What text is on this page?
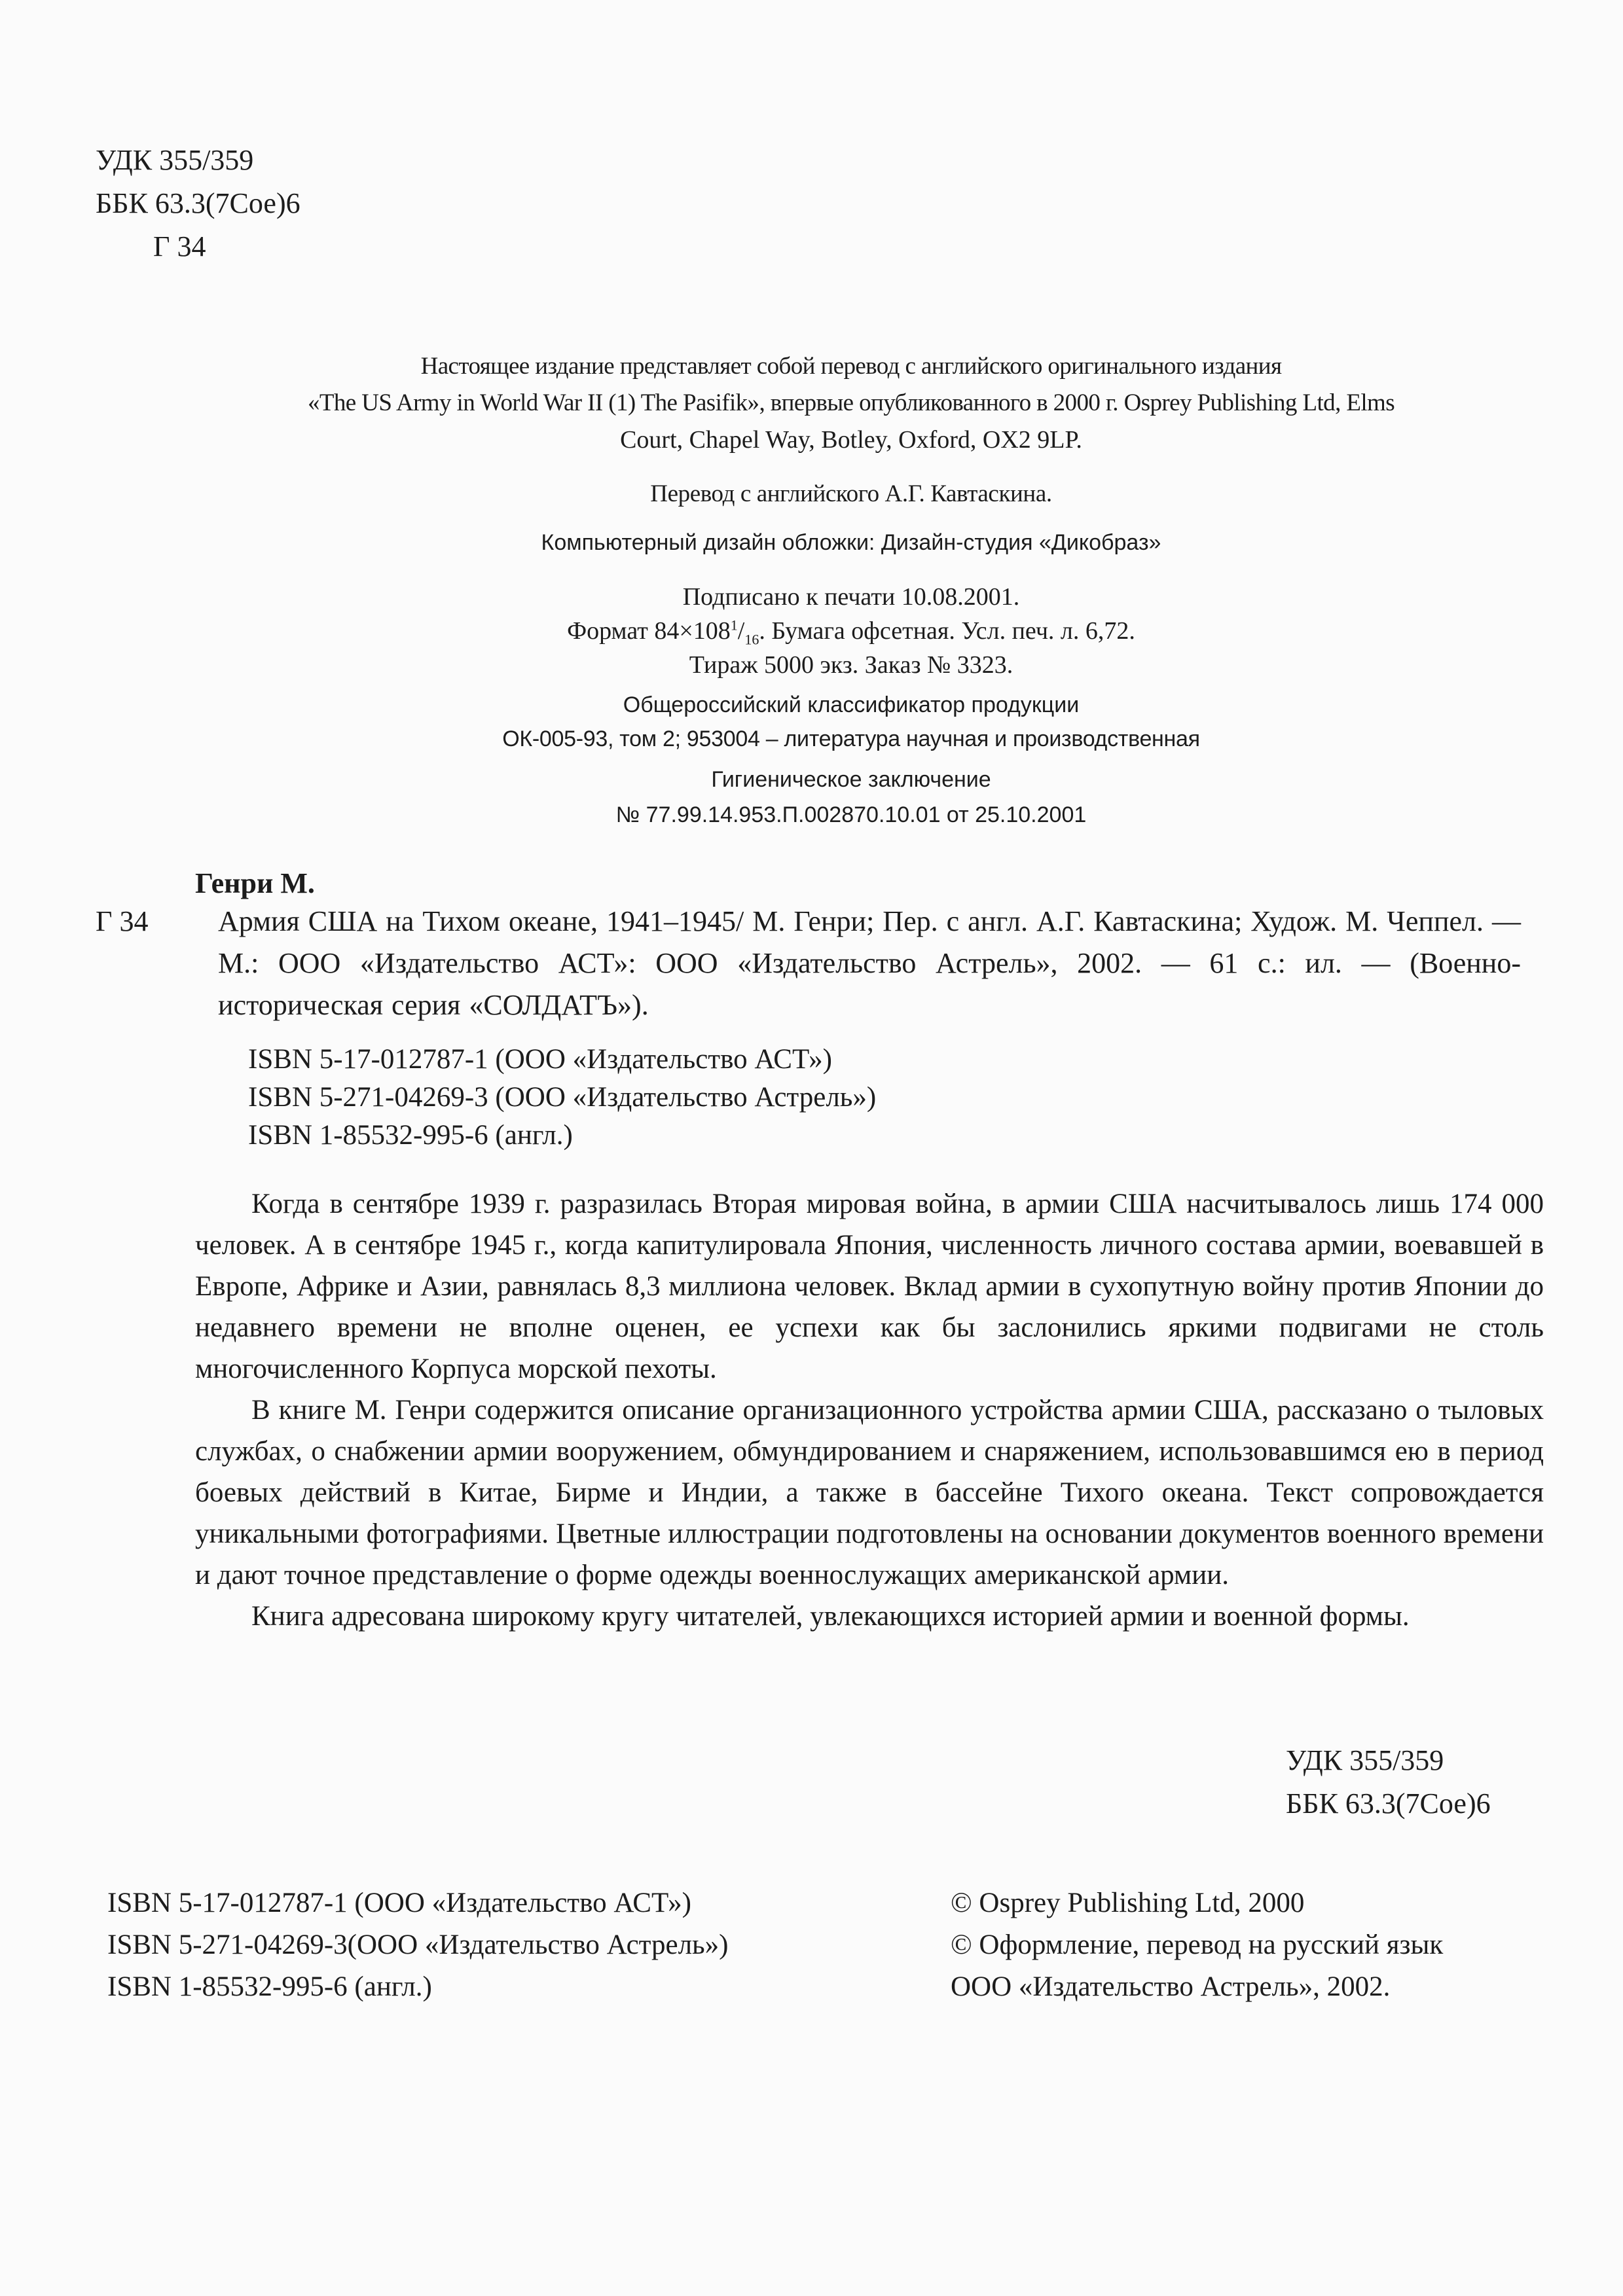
УДК 355/359
ББК 63.3(7Сое)6
Г 34
Настоящее издание представляет собой перевод с английского оригинального издания
«The US Army in World War II (1) The Pasifik», впервые опубликованного в 2000 г. Osprey Publishing Ltd, Elms
Court, Chapel Way, Botley, Oxford, OX2 9LP.
Перевод с английского А.Г. Кавтаскина.
Компьютерный дизайн обложки: Дизайн-студия «Дикобраз»
Подписано к печати 10.08.2001.
Формат $84\times 108^1/_{16}$. Бумага офсетная. Усл. печ. л. 6,72.
Тираж 5000 экз. Заказ № 3323.
Общероссийский классификатор продукции
ОК-005-93, том 2; 953004 – литература научная и производственная
Гигиеническое заключение
№ 77.99.14.953.П.002870.10.01 от 25.10.2001
Генри М.
Г 34 Армия США на Тихом океане, 1941–1945/ М. Генри; Пер. с англ. А.Г. Кавтаскина; Худож. М. Чеппел. — М.: ООО «Издательство АСТ»: ООО «Издательство Астрель», 2002. — 61 с.: ил. — (Военно-историческая серия «СОЛДАТЪ»).
ISBN 5-17-012787-1 (ООО «Издательство АСТ»)
ISBN 5-271-04269-3 (ООО «Издательство Астрель»)
ISBN 1-85532-995-6 (англ.)

Когда в сентябре 1939 г. разразилась Вторая мировая война, в армии США насчитывалось лишь 174 000 человек. А в сентябре 1945 г., когда капитулировала Япония, численность личного состава армии, воевавшей в Европе, Африке и Азии, равнялась 8,3 миллиона человек. Вклад армии в сухопутную войну против Японии до недавнего времени не вполне оценен, ее успехи как бы заслонились яркими подвигами не столь многочисленного Корпуса морской пехоты.

В книге М. Генри содержится описание организационного устройства армии США, рассказано о тыловых службах, о снабжении армии вооружением, обмундированием и снаряжением, использовавшимся ею в период боевых действий в Китае, Бирме и Индии, а также в бассейне Тихого океана. Текст сопровождается уникальными фотографиями. Цветные иллюстрации подготовлены на основании документов военного времени и дают точное представление о форме одежды военнослужащих американской армии.

Книга адресована широкому кругу читателей, увлекающихся историей армии и военной формы.

УДК 355/359
ББК 63.3(7Сое)6
ISBN 5-17-012787-1 (ООО «Издательство АСТ»)
ISBN 5-271-04269-3(ООО «Издательство Астрель»)
ISBN 1-85532-995-6 (англ.)
© Osprey Publishing Ltd, 2000
© Оформление, перевод на русский язык
ООО «Издательство Астрель», 2002.
